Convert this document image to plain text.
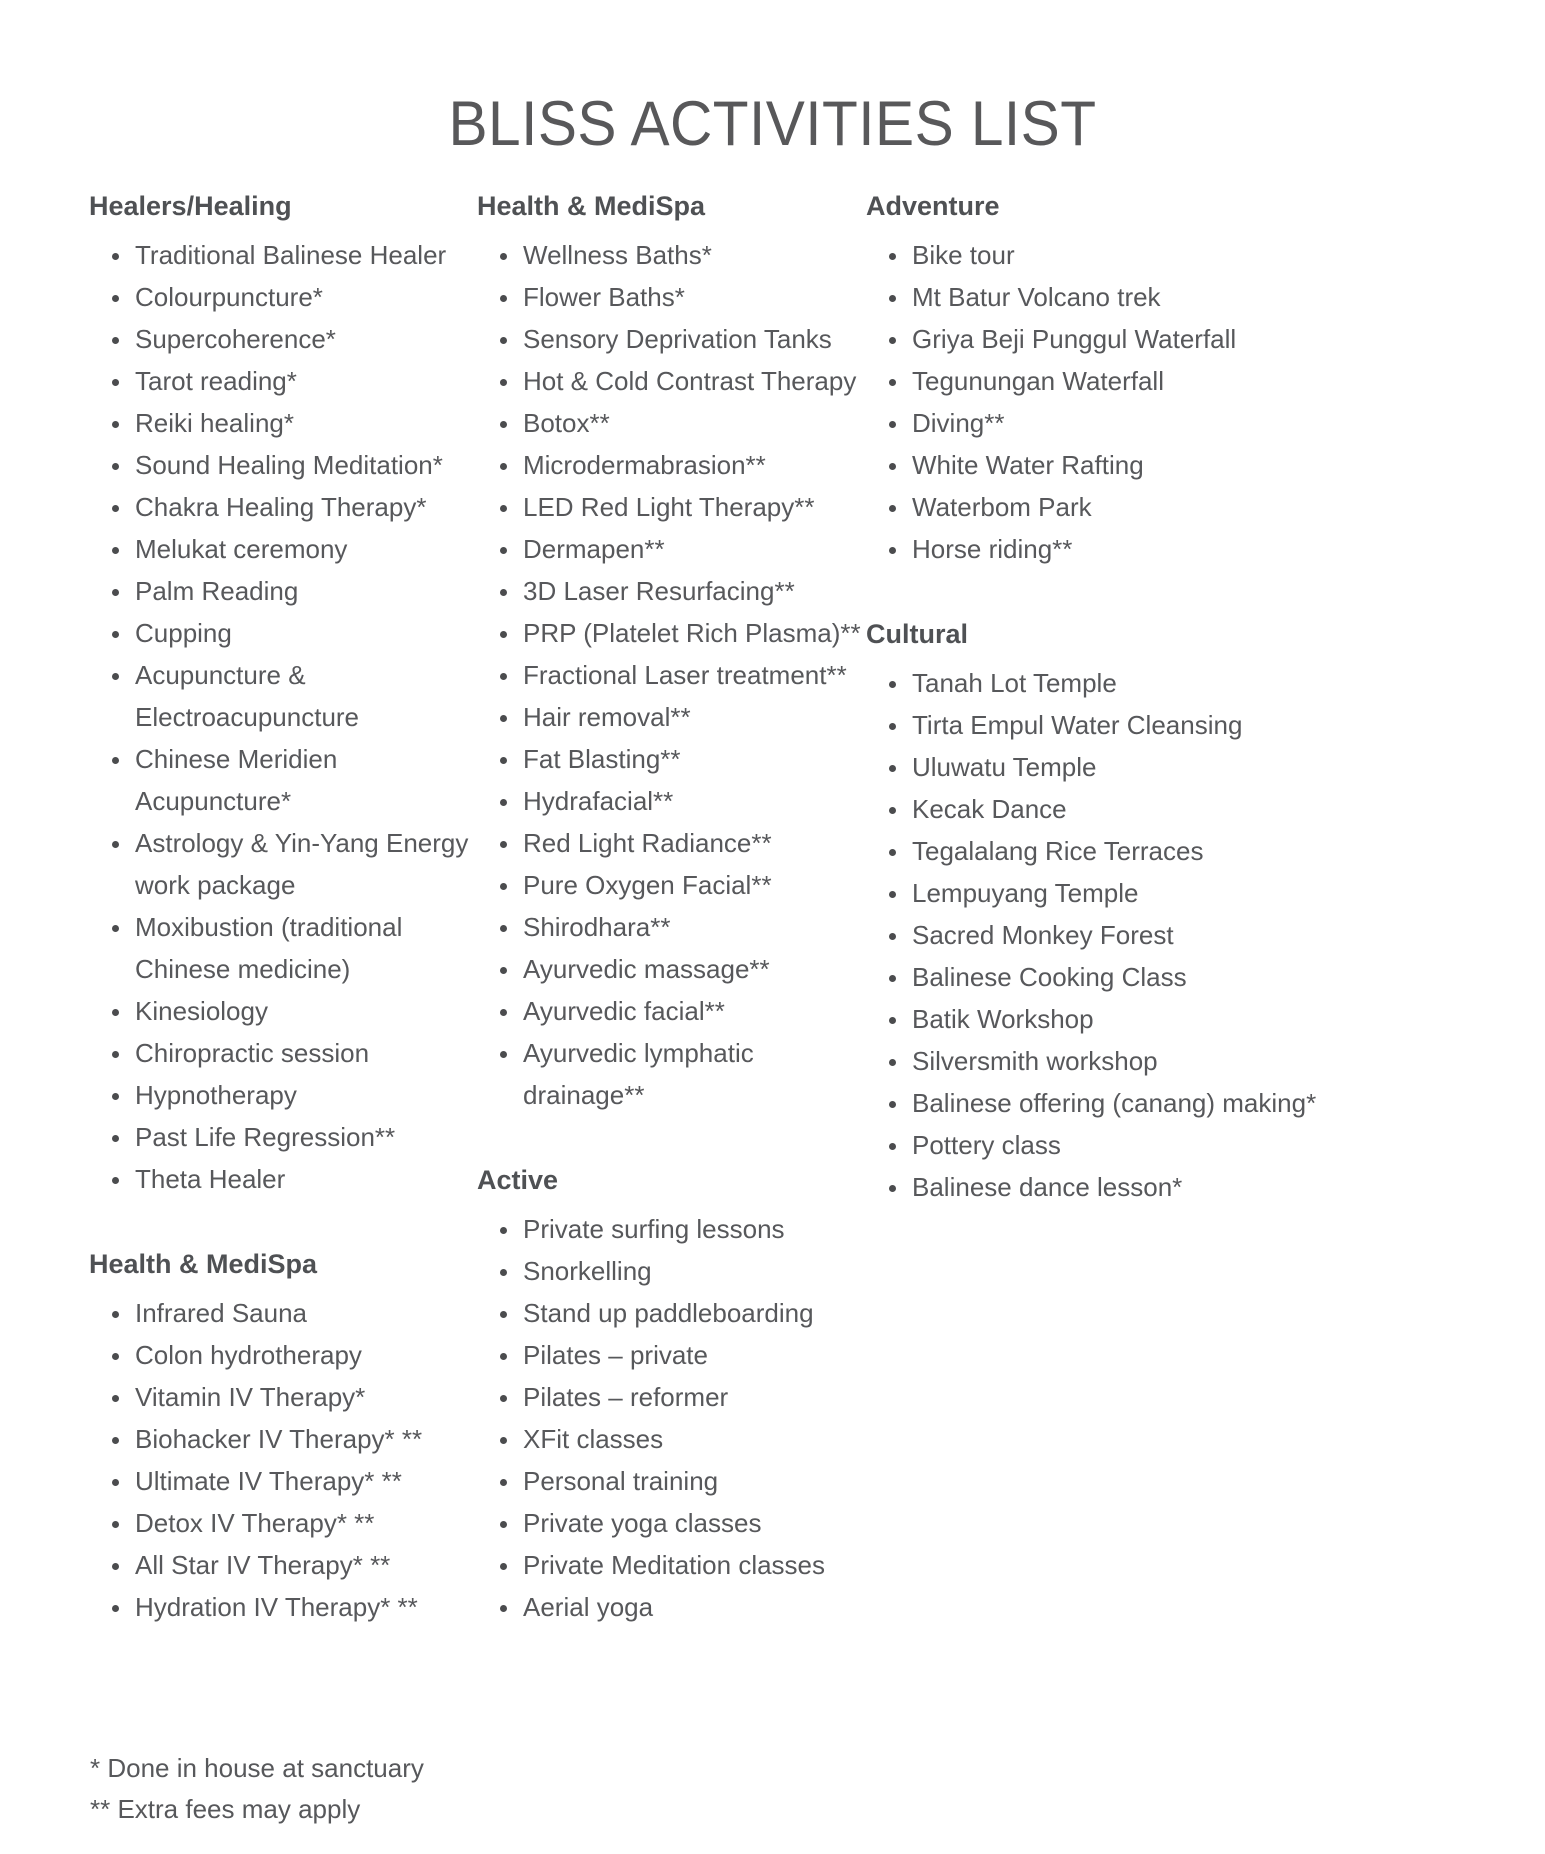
BLISS ACTIVITIES LIST
Healers/Healing
• Traditional Balinese Healer
• Colourpuncture*
• Supercoherence*
• Tarot reading*
• Reiki healing*
• Sound Healing Meditation*
• Chakra Healing Therapy*
• Melukat ceremony
• Palm Reading
• Cupping
• Acupuncture & Electroacupuncture
• Chinese Meridien Acupuncture*
• Astrology & Yin-Yang Energy work package
• Moxibustion (traditional Chinese medicine)
• Kinesiology
• Chiropractic session
• Hypnotherapy
• Past Life Regression**
• Theta Healer
Health & MediSpa
• Infrared Sauna
• Colon hydrotherapy
• Vitamin IV Therapy*
• Biohacker IV Therapy* **
• Ultimate IV Therapy* **
• Detox IV Therapy* **
• All Star IV Therapy* **
• Hydration IV Therapy* **
Health & MediSpa
• Wellness Baths*
• Flower Baths*
• Sensory Deprivation Tanks
• Hot & Cold Contrast Therapy
• Botox**
• Microdermabrasion**
• LED Red Light Therapy**
• Dermapen**
• 3D Laser Resurfacing**
• PRP (Platelet Rich Plasma)**
• Fractional Laser treatment**
• Hair removal**
• Fat Blasting**
• Hydrafacial**
• Red Light Radiance**
• Pure Oxygen Facial**
• Shirodhara**
• Ayurvedic massage**
• Ayurvedic facial**
• Ayurvedic lymphatic drainage**
Active
• Private surfing lessons
• Snorkelling
• Stand up paddleboarding
• Pilates – private
• Pilates – reformer
• XFit classes
• Personal training
• Private yoga classes
• Private Meditation classes
• Aerial yoga
Adventure
• Bike tour
• Mt Batur Volcano trek
• Griya Beji Punggul Waterfall
• Tegunungan Waterfall
• Diving**
• White Water Rafting
• Waterbom Park
• Horse riding**
Cultural
• Tanah Lot Temple
• Tirta Empul Water Cleansing
• Uluwatu Temple
• Kecak Dance
• Tegalalang Rice Terraces
• Lempuyang Temple
• Sacred Monkey Forest
• Balinese Cooking Class
• Batik Workshop
• Silversmith workshop
• Balinese offering (canang) making*
• Pottery class
• Balinese dance lesson*
* Done in house at sanctuary
** Extra fees may apply
